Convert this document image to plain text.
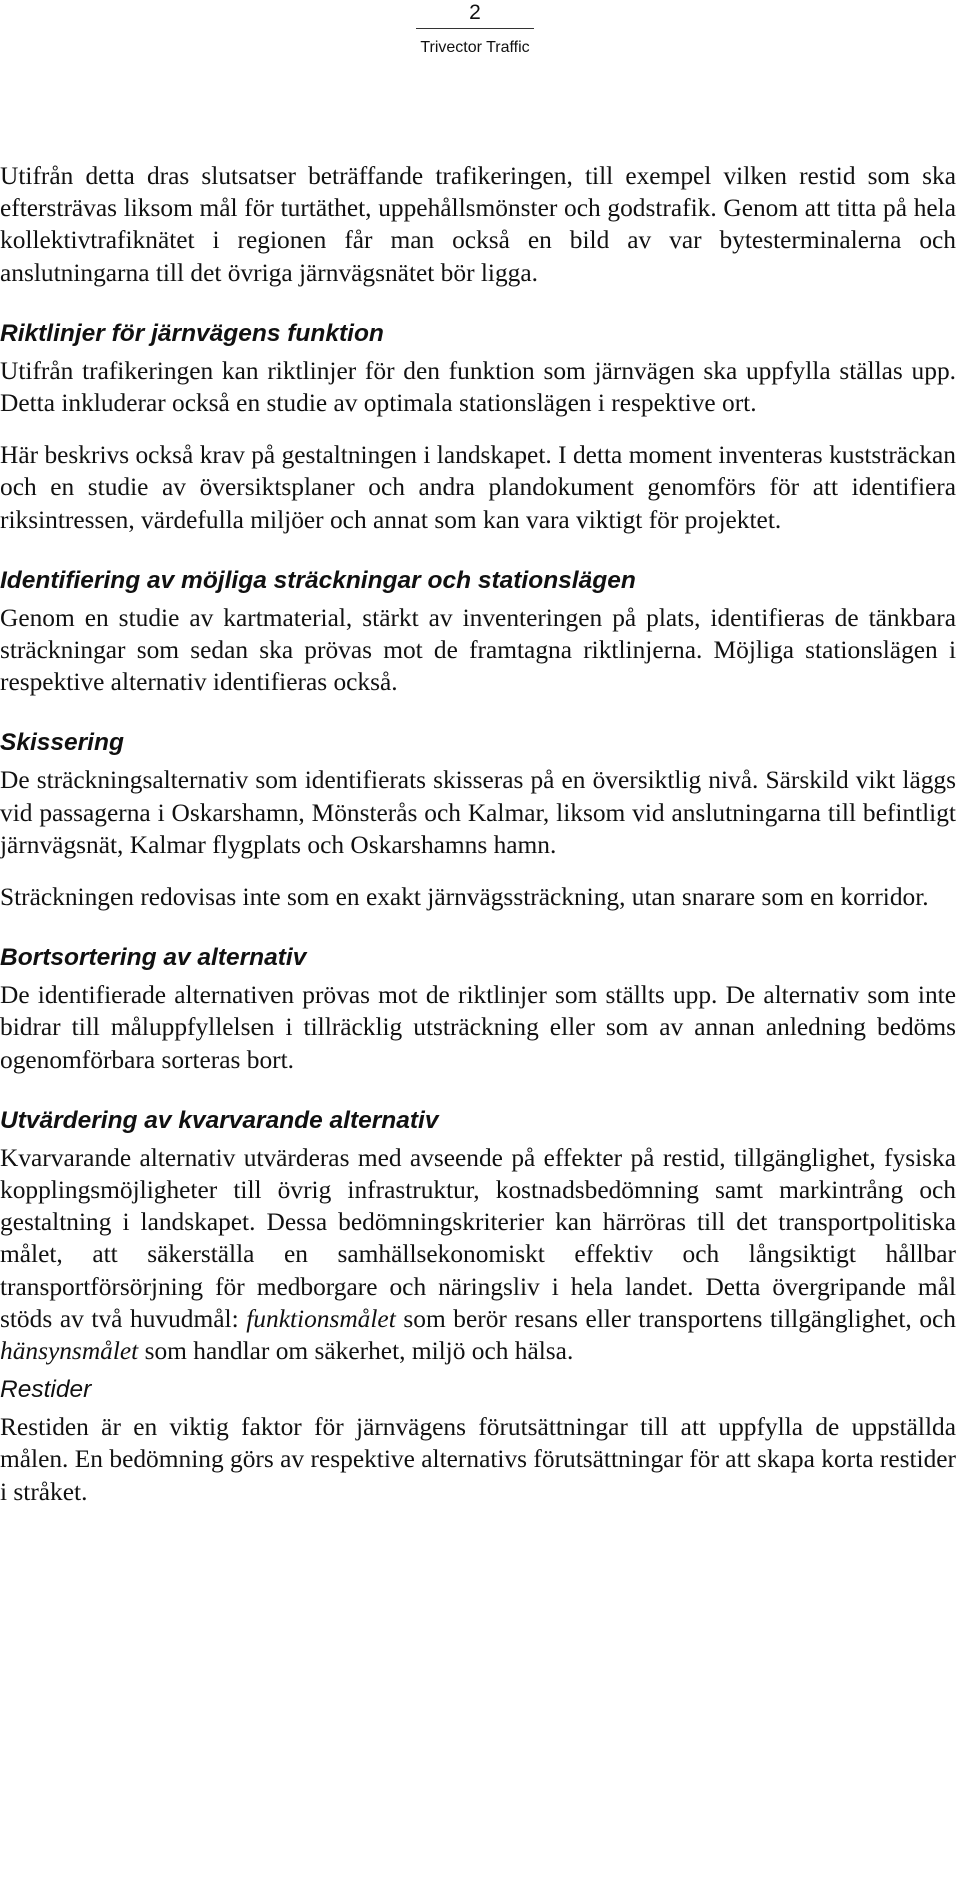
2
Trivector Traffic

Utifrån detta dras slutsatser beträffande trafikeringen, till exempel vilken restid som ska eftersträvas liksom mål för turtäthet, uppehållsmönster och godstrafik. Genom att titta på hela kollektivtrafiknätet i regionen får man också en bild av var bytesterminalerna och anslutningarna till det övriga järnvägsnätet bör ligga.

Riktlinjer för järnvägens funktion

Utifrån trafikeringen kan riktlinjer för den funktion som järnvägen ska uppfylla ställas upp. Detta inkluderar också en studie av optimala stationslägen i respektive ort.

Här beskrivs också krav på gestaltningen i landskapet. I detta moment inventeras kuststräckan och en studie av översiktsplaner och andra plandokument genomförs för att identifiera riksintressen, värdefulla miljöer och annat som kan vara viktigt för projektet.

Identifiering av möjliga sträckningar och stationslägen

Genom en studie av kartmaterial, stärkt av inventeringen på plats, identifieras de tänkbara sträckningar som sedan ska prövas mot de framtagna riktlinjerna. Möjliga stationslägen i respektive alternativ identifieras också.

Skissering

De sträckningsalternativ som identifierats skisseras på en översiktlig nivå. Särskild vikt läggs vid passagerna i Oskarshamn, Mönsterås och Kalmar, liksom vid anslutningarna till befintligt järnvägsnät, Kalmar flygplats och Oskarshamns hamn.

Sträckningen redovisas inte som en exakt järnvägssträckning, utan snarare som en korridor.

Bortsortering av alternativ

De identifierade alternativen prövas mot de riktlinjer som ställts upp. De alternativ som inte bidrar till måluppfyllelsen i tillräcklig utsträckning eller som av annan anledning bedöms ogenomförbara sorteras bort.

Utvärdering av kvarvarande alternativ

Kvarvarande alternativ utvärderas med avseende på effekter på restid, tillgänglighet, fysiska kopplingsmöjligheter till övrig infrastruktur, kostnadsbedömning samt markintrång och gestaltning i landskapet. Dessa bedömningskriterier kan härröras till det transportpolitiska målet, att säkerställa en samhällsekonomiskt effektiv och långsiktigt hållbar transportförsörjning för medborgare och näringsliv i hela landet. Detta övergripande mål stöds av två huvudmål: funktionsmålet som berör resans eller transportens tillgänglighet, och hänsynsmålet som handlar om säkerhet, miljö och hälsa.

Restider

Restiden är en viktig faktor för järnvägens förutsättningar till att uppfylla de uppställda målen. En bedömning görs av respektive alternativs förutsättningar för att skapa korta restider i stråket.
